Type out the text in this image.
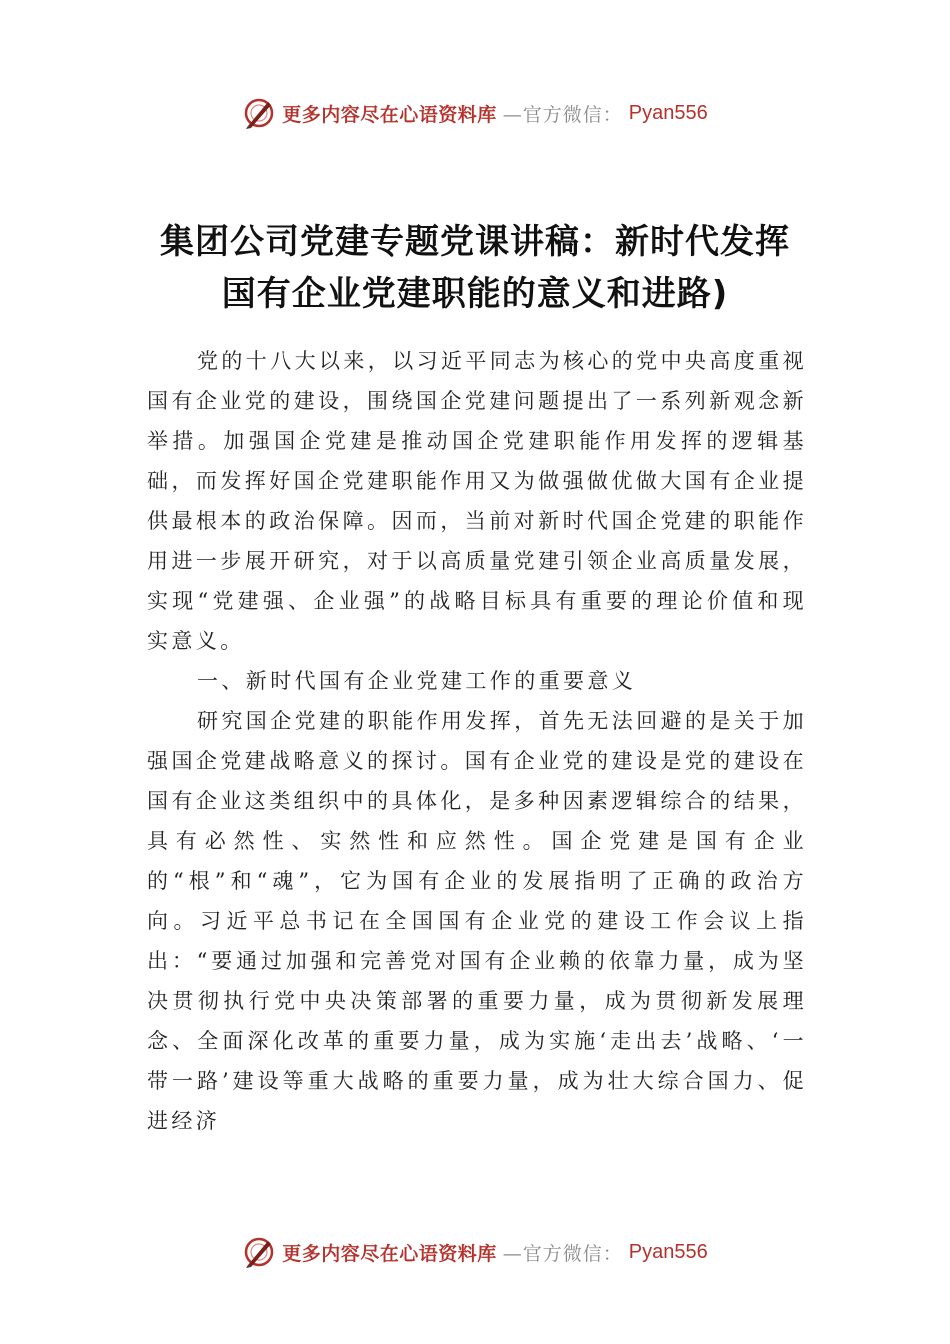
更多内容尽在心语资料库 —官方微信： Pyan556
集团公司党建专题党课讲稿：新时代发挥
国有企业党建职能的意义和进路)

党的十八大以来，以习近平同志为核心的党中央高度重视国有企业党的建设，围绕国企党建问题提出了一系列新观念新举措。加强国企党建是推动国企党建职能作用发挥的逻辑基础，而发挥好国企党建职能作用又为做强做优做大国有企业提供最根本的政治保障。因而，当前对新时代国企党建的职能作用进一步展开研究，对于以高质量党建引领企业高质量发展，实现“党建强、企业强”的战略目标具有重要的理论价值和现实意义。

一、新时代国有企业党建工作的重要意义

研究国企党建的职能作用发挥，首先无法回避的是关于加强国企党建战略意义的探讨。国有企业党的建设是党的建设在国有企业这类组织中的具体化，是多种因素逻辑综合的结果，具有必然性、实然性和应然性。国企党建是国有企业的“根”和“魂”，它为国有企业的发展指明了正确的政治方向。习近平总书记在全国国有企业党的建设工作会议上指出：“要通过加强和完善党对国有企业赖的依靠力量，成为坚决贯彻执行党中央决策部署的重要力量，成为贯彻新发展理念、全面深化改革的重要力量，成为实施‘走出去’战略、‘一带一路’建设等重大战略的重要力量，成为壮大综合国力、促进经济

更多内容尽在心语资料库 —官方微信： Pyan556
